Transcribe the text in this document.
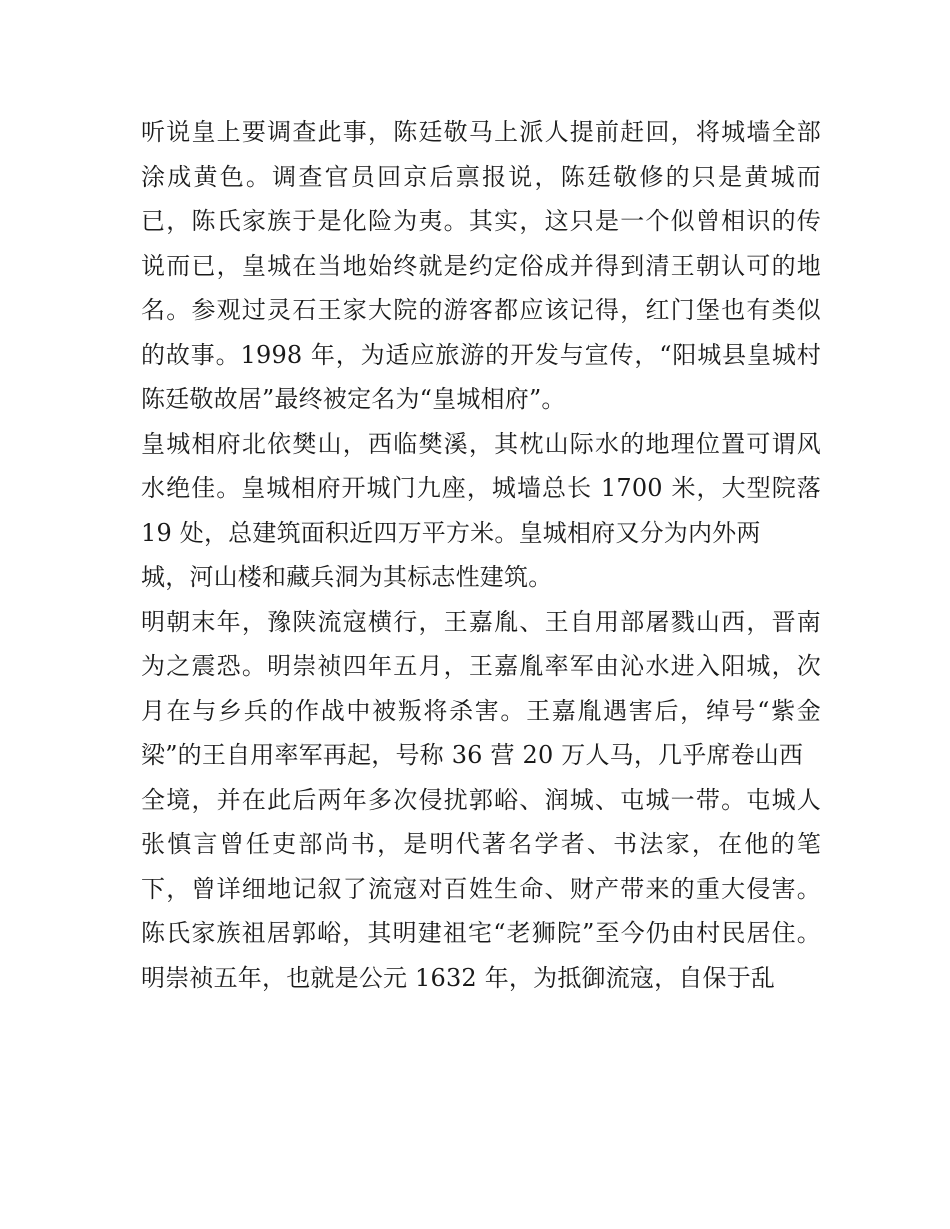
听说皇上要调查此事，陈廷敬马上派人提前赶回，将城墙全部
涂成黄色。调查官员回京后禀报说，陈廷敬修的只是黄城而
已，陈氏家族于是化险为夷。其实，这只是一个似曾相识的传
说而已，皇城在当地始终就是约定俗成并得到清王朝认可的地
名。参观过灵石王家大院的游客都应该记得，红门堡也有类似
的故事。1998 年，为适应旅游的开发与宣传，“阳城县皇城村
陈廷敬故居”最终被定名为“皇城相府”。
皇城相府北依樊山，西临樊溪，其枕山际水的地理位置可谓风
水绝佳。皇城相府开城门九座，城墙总长 1700 米，大型院落
19 处，总建筑面积近四万平方米。皇城相府又分为内外两
城，河山楼和藏兵洞为其标志性建筑。
明朝末年，豫陕流寇横行，王嘉胤、王自用部屠戮山西，晋南
为之震恐。明崇祯四年五月，王嘉胤率军由沁水进入阳城，次
月在与乡兵的作战中被叛将杀害。王嘉胤遇害后，绰号“紫金
梁”的王自用率军再起，号称 36 营 20 万人马，几乎席卷山西
全境，并在此后两年多次侵扰郭峪、润城、屯城一带。屯城人
张慎言曾任吏部尚书，是明代著名学者、书法家，在他的笔
下，曾详细地记叙了流寇对百姓生命、财产带来的重大侵害。
陈氏家族祖居郭峪，其明建祖宅“老狮院”至今仍由村民居住。
明崇祯五年，也就是公元 1632 年，为抵御流寇，自保于乱
